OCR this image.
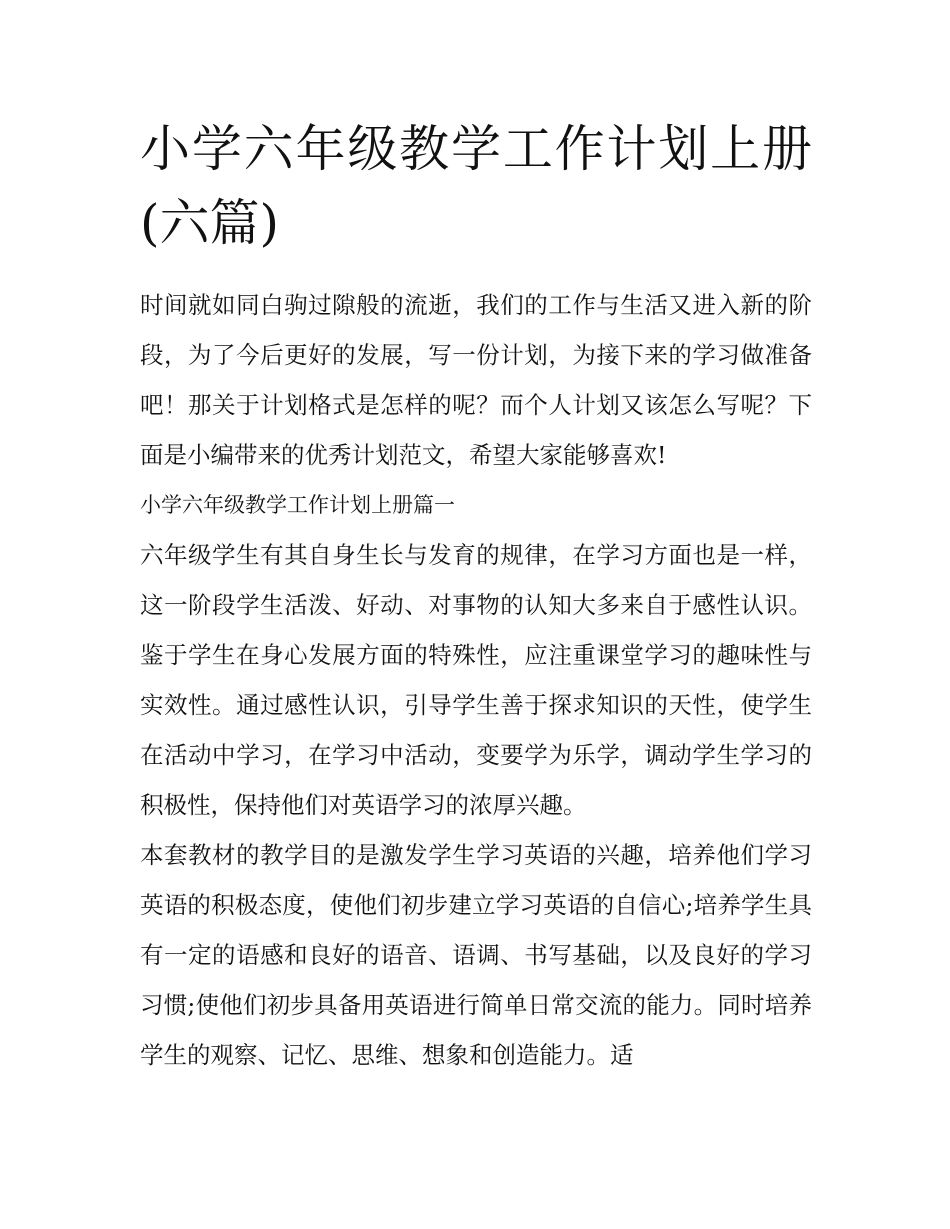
小学六年级教学工作计划上册(六篇)

时间就如同白驹过隙般的流逝，我们的工作与生活又进入新的阶段，为了今后更好的发展，写一份计划，为接下来的学习做准备吧！那关于计划格式是怎样的呢？而个人计划又该怎么写呢？下面是小编带来的优秀计划范文，希望大家能够喜欢!

小学六年级教学工作计划上册篇一

六年级学生有其自身生长与发育的规律，在学习方面也是一样，这一阶段学生活泼、好动、对事物的认知大多来自于感性认识。鉴于学生在身心发展方面的特殊性，应注重课堂学习的趣味性与实效性。通过感性认识，引导学生善于探求知识的天性，使学生在活动中学习，在学习中活动，变要学为乐学，调动学生学习的积极性，保持他们对英语学习的浓厚兴趣。

本套教材的教学目的是激发学生学习英语的兴趣，培养他们学习英语的积极态度，使他们初步建立学习英语的自信心;培养学生具有一定的语感和良好的语音、语调、书写基础，以及良好的学习习惯;使他们初步具备用英语进行简单日常交流的能力。同时培养学生的观察、记忆、思维、想象和创造能力。适
